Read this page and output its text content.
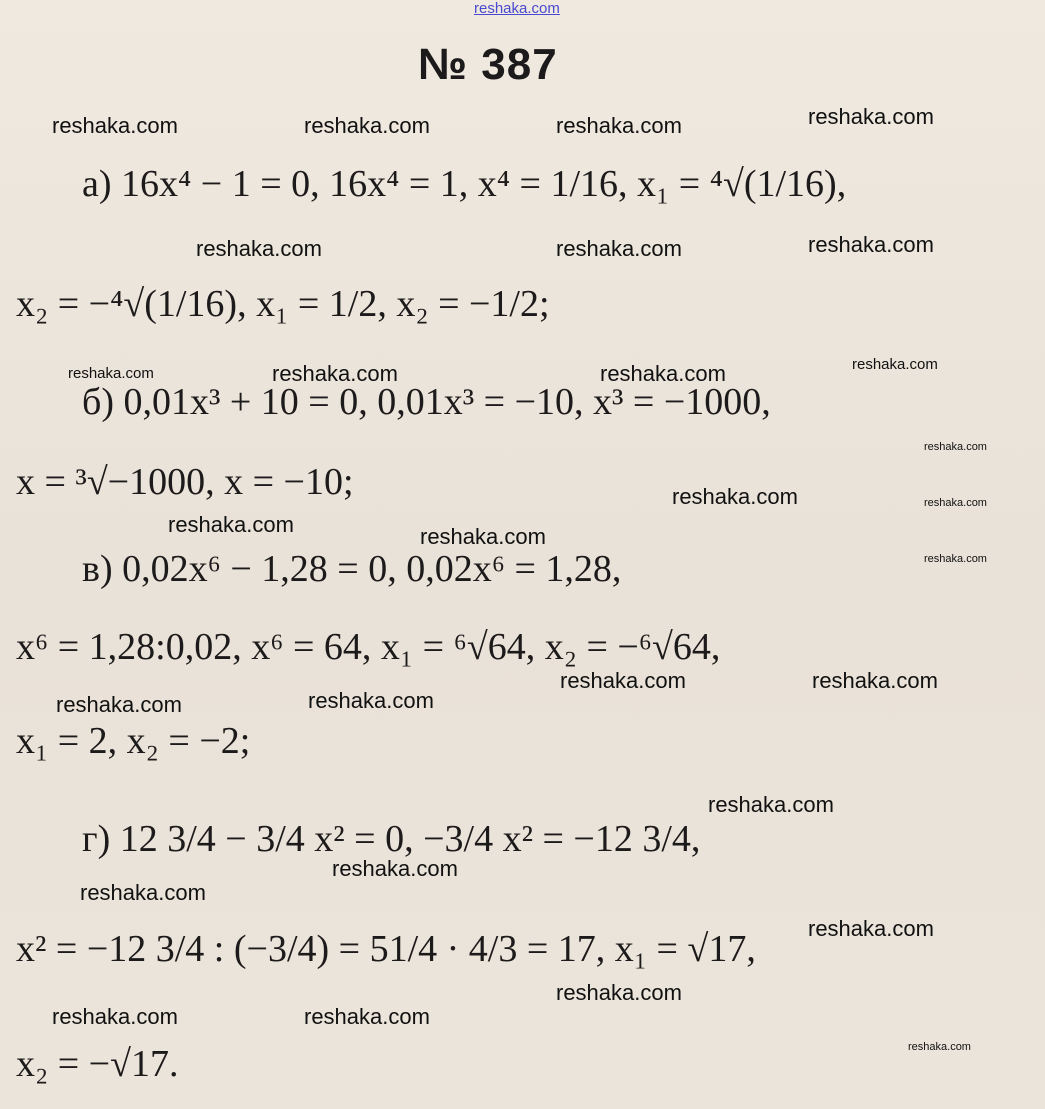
reshaka.com
№ 387
а) 16x⁴ − 1 = 0, 16x⁴ = 1, x⁴ = 1/16, x₁ = ⁴√(1/16),
x₂ = −⁴√(1/16), x₁ = 1/2, x₂ = −1/2;
б) 0,01x³ + 10 = 0, 0,01x³ = −10, x³ = −1000,
x = ³√−1000, x = −10;
в) 0,02x⁶ − 1,28 = 0, 0,02x⁶ = 1,28,
x⁶ = 1,28:0,02, x⁶ = 64, x₁ = ⁶√64, x₂ = −⁶√64,
x₁ = 2, x₂ = −2;
г) 12 3/4 − 3/4 x² = 0, −3/4 x² = −12 3/4,
x² = −12 3/4 : (−3/4) = 51/4 · 4/3 = 17, x₁ = √17,
x₂ = −√17.
reshaka.com	reshaka.com	reshaka.com	reshaka.com
reshaka.com	reshaka.com	reshaka.com
reshaka.com	reshaka.com	reshaka.com	reshaka.com
reshaka.com
reshaka.com	reshaka.com
reshaka.com	reshaka.com
reshaka.com
reshaka.com	reshaka.com
reshaka.com	reshaka.com
reshaka.com
reshaka.com
reshaka.com
reshaka.com
reshaka.com
reshaka.com	reshaka.com
reshaka.com
